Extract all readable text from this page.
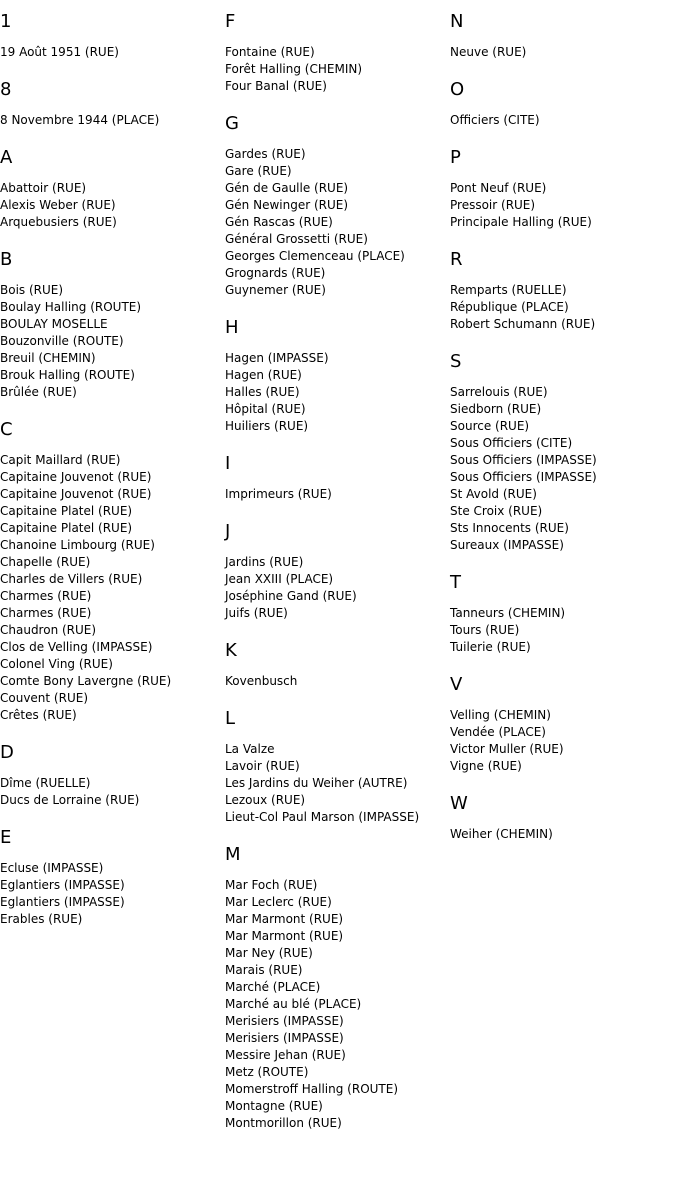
1
19 Août 1951 (RUE)
8
8 Novembre 1944 (PLACE)
A
Abattoir (RUE)
Alexis Weber (RUE)
Arquebusiers (RUE)
B
Bois (RUE)
Boulay Halling (ROUTE)
BOULAY MOSELLE
Bouzonville (ROUTE)
Breuil (CHEMIN)
Brouk Halling (ROUTE)
Brûlée (RUE)
C
Capit Maillard (RUE)
Capitaine Jouvenot (RUE)
Capitaine Jouvenot (RUE)
Capitaine Platel (RUE)
Capitaine Platel (RUE)
Chanoine Limbourg (RUE)
Chapelle (RUE)
Charles de Villers (RUE)
Charmes (RUE)
Charmes (RUE)
Chaudron (RUE)
Clos de Velling (IMPASSE)
Colonel Ving (RUE)
Comte Bony Lavergne (RUE)
Couvent (RUE)
Crêtes (RUE)
D
Dîme (RUELLE)
Ducs de Lorraine (RUE)
E
Ecluse (IMPASSE)
Eglantiers (IMPASSE)
Eglantiers (IMPASSE)
Erables (RUE)
F
Fontaine (RUE)
Forêt Halling (CHEMIN)
Four Banal (RUE)
G
Gardes (RUE)
Gare (RUE)
Gén de Gaulle (RUE)
Gén Newinger (RUE)
Gén Rascas (RUE)
Général Grossetti (RUE)
Georges Clemenceau (PLACE)
Grognards (RUE)
Guynemer (RUE)
H
Hagen (IMPASSE)
Hagen (RUE)
Halles (RUE)
Hôpital (RUE)
Huiliers (RUE)
I
Imprimeurs (RUE)
J
Jardins (RUE)
Jean XXIII (PLACE)
Joséphine Gand (RUE)
Juifs (RUE)
K
Kovenbusch
L
La Valze
Lavoir (RUE)
Les Jardins du Weiher (AUTRE)
Lezoux (RUE)
Lieut-Col Paul Marson (IMPASSE)
M
Mar Foch (RUE)
Mar Leclerc (RUE)
Mar Marmont (RUE)
Mar Marmont (RUE)
Mar Ney (RUE)
Marais (RUE)
Marché (PLACE)
Marché au blé (PLACE)
Merisiers (IMPASSE)
Merisiers (IMPASSE)
Messire Jehan (RUE)
Metz (ROUTE)
Momerstroff Halling (ROUTE)
Montagne (RUE)
Montmorillon (RUE)
N
Neuve (RUE)
O
Officiers (CITE)
P
Pont Neuf (RUE)
Pressoir (RUE)
Principale Halling (RUE)
R
Remparts (RUELLE)
République (PLACE)
Robert Schumann (RUE)
S
Sarrelouis (RUE)
Siedborn (RUE)
Source (RUE)
Sous Officiers (CITE)
Sous Officiers (IMPASSE)
Sous Officiers (IMPASSE)
St Avold (RUE)
Ste Croix (RUE)
Sts Innocents (RUE)
Sureaux (IMPASSE)
T
Tanneurs (CHEMIN)
Tours (RUE)
Tuilerie (RUE)
V
Velling (CHEMIN)
Vendée (PLACE)
Victor Muller (RUE)
Vigne (RUE)
W
Weiher (CHEMIN)
